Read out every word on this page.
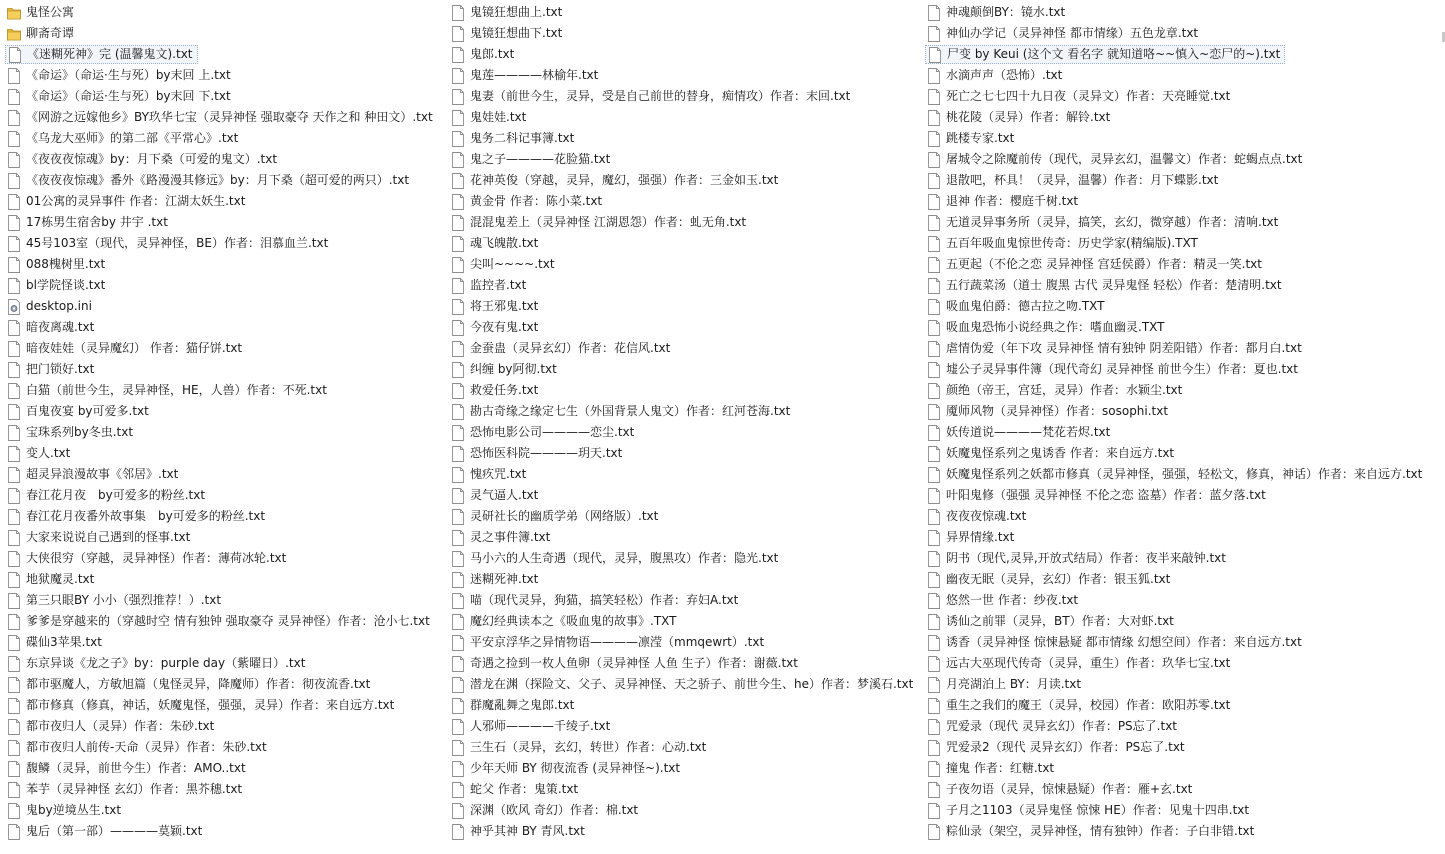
鬼怪公寓
聊斋奇谭
《迷糊死神》完 (温馨鬼文).txt
《命运》（命运·生与死）by末回 上.txt
《命运》（命运·生与死）by末回 下.txt
《网游之远嫁他乡》BY玖华七宝（灵异神怪 强取豪夺 天作之和 种田文）.txt
《乌龙大巫师》的第二部《平常心》.txt
《夜夜夜惊魂》by：月下桑（可爱的鬼文）.txt
《夜夜夜惊魂》番外《路漫漫其修远》by：月下桑（超可爱的两只）.txt
01公寓的灵异事件 作者：江湖太妖生.txt
17栋男生宿舍by 井宇 .txt
45号103室（现代，灵异神怪，BE）作者：泪慕血兰.txt
088槐树里.txt
bl学院怪谈.txt
desktop.ini
暗夜离魂.txt
暗夜娃娃（灵异魔幻） 作者：猫仔饼.txt
把门锁好.txt
白猫（前世今生，灵异神怪，HE，人兽）作者：不死.txt
百鬼夜宴 by可爱多.txt
宝珠系列by冬虫.txt
变人.txt
超灵异浪漫故事《邻居》.txt
春江花月夜　by可爱多的粉丝.txt
春江花月夜番外故事集　by可爱多的粉丝.txt
大家来说说自己遇到的怪事.txt
大侠很穷（穿越，灵异神怪）作者：薄荷冰轮.txt
地狱魔灵.txt
第三只眼BY 小小（强烈推荐！）.txt
爹爹是穿越来的（穿越时空 情有独钟 强取豪夺 灵异神怪）作者：沧小七.txt
碟仙3苹果.txt
东京异谈《龙之子》by：purple day（紫曜日）.txt
都市驱魔人，方敏旭篇（鬼怪灵异，降魔师）作者：彻夜流香.txt
都市修真（修真，神话，妖魔鬼怪，强强，灵异）作者：来自远方.txt
都市夜归人（灵异）作者：朱砂.txt
都市夜归人前传-天命（灵异）作者：朱砂.txt
馥鳞（灵异，前世今生）作者：AMO..txt
苯芋（灵异神怪 玄幻）作者：黑芥穗.txt
鬼by逆境丛生.txt
鬼后（第一部）————莫颖.txt
鬼镜狂想曲上.txt
鬼镜狂想曲下.txt
鬼郎.txt
鬼莲————林榆年.txt
鬼妻（前世今生，灵异，受是自己前世的替身，痴情攻）作者：末回.txt
鬼娃娃.txt
鬼务二科记事簿.txt
鬼之子————花脸猫.txt
花神英俊（穿越，灵异，魔幻，强强）作者：三金如玉.txt
黄金骨 作者：陈小菜.txt
混混鬼差上（灵异神怪 江湖恩怨）作者：虬无角.txt
魂飞魄散.txt
尖叫~~~~.txt
监控者.txt
将王邪鬼.txt
今夜有鬼.txt
金蚕蛊（灵异玄幻）作者：花信风.txt
纠缠 by阿彻.txt
救爱任务.txt
勘古奇缘之缘定七生（外国背景人鬼文）作者：红河苍海.txt
恐怖电影公司————恋尘.txt
恐怖医科院————玥天.txt
愧疚咒.txt
灵气逼人.txt
灵研社长的幽质学弟（网络版）.txt
灵之事件簿.txt
马小六的人生奇遇（现代，灵异，腹黑攻）作者：隐光.txt
迷糊死神.txt
喵（现代灵异，狗猫，搞笑轻松）作者：弃妇A.txt
魔幻经典读本之《吸血鬼的故事》.TXT
平安京浮华之异情物语————凛滢（mmqewrt）.txt
奇遇之捡到一枚人鱼卵（灵异神怪 人鱼 生子）作者：谢薇.txt
潜龙在渊（探险文、父子、灵异神怪、天之骄子、前世今生、he）作者：梦溪石.txt
群魔亂舞之鬼郎.txt
人邪师————千绫子.txt
三生石（灵异，玄幻，转世）作者：心动.txt
少年天师 BY 彻夜流香 (灵异神怪~).txt
蛇父 作者：鬼策.txt
深渊（欧风 奇幻）作者：棉.txt
神乎其神 BY 青风.txt
神魂颠倒BY：镜水.txt
神仙办学记（灵异神怪 都市情缘）五色龙章.txt
尸变 by Keui (这个文 看名字 就知道咯~~慎入~恋尸的~).txt
水滴声声（恐怖）.txt
死亡之七七四十九日夜（灵异文）作者：天亮睡觉.txt
桃花陵（灵异）作者：解铃.txt
跳楼专家.txt
屠城令之除魔前传（现代，灵异玄幻，温馨文）作者：蛇蝎点点.txt
退散吧，杯具！（灵异，温馨）作者：月下蝶影.txt
退神 作者：樱庭千树.txt
无道灵异事务所（灵异，搞笑，玄幻，微穿越）作者：清响.txt
五百年吸血鬼惊世传奇：历史学家(精编版).TXT
五更起（不伦之恋 灵异神怪 宫廷侯爵）作者：精灵一笑.txt
五行蔬菜汤（道士 腹黑 古代 灵异鬼怪 轻松）作者：楚清明.txt
吸血鬼伯爵：德古拉之吻.TXT
吸血鬼恐怖小说经典之作：嗜血幽灵.TXT
虐情伪爱（年下攻 灵异神怪 情有独钟 阴差阳错）作者：都月白.txt
墟公子灵异事件簿（现代奇幻 灵异神怪 前世今生）作者：夏也.txt
颜绝（帝王，宫廷，灵异）作者：水颖尘.txt
魇师风物（灵异神怪）作者：sosophi.txt
妖传道说————梵花若烬.txt
妖魔鬼怪系列之鬼诱香 作者：来自远方.txt
妖魔鬼怪系列之妖都市修真（灵异神怪，强强，轻松文，修真，神话）作者：来自远方.txt
叶阳鬼修（强强 灵异神怪 不伦之恋 盗墓）作者：蓝夕落.txt
夜夜夜惊魂.txt
异界情缘.txt
阴书（现代,灵异,开放式结局）作者：夜半来敲钟.txt
幽夜无眠（灵异，玄幻）作者：银玉狐.txt
悠然一世 作者：纱夜.txt
诱仙之前罪（灵异，BT）作者：大对虾.txt
诱香（灵异神怪 惊悚悬疑 都市情缘 幻想空间）作者：来自远方.txt
远古大巫现代传奇（灵异，重生）作者：玖华七宝.txt
月亮湖泊上 BY：月读.txt
重生之我们的魔王（灵异，校园）作者：欧阳苏零.txt
咒爱录（现代 灵异玄幻）作者：PS忘了.txt
咒爱录2（现代 灵异玄幻）作者：PS忘了.txt
撞鬼 作者：红糖.txt
子夜勿语（灵异，惊悚悬疑）作者：雁+玄.txt
子月之1103（灵异鬼怪 惊悚 HE）作者：见鬼十四串.txt
粽仙录（架空，灵异神怪，情有独钟）作者：子白非错.txt
